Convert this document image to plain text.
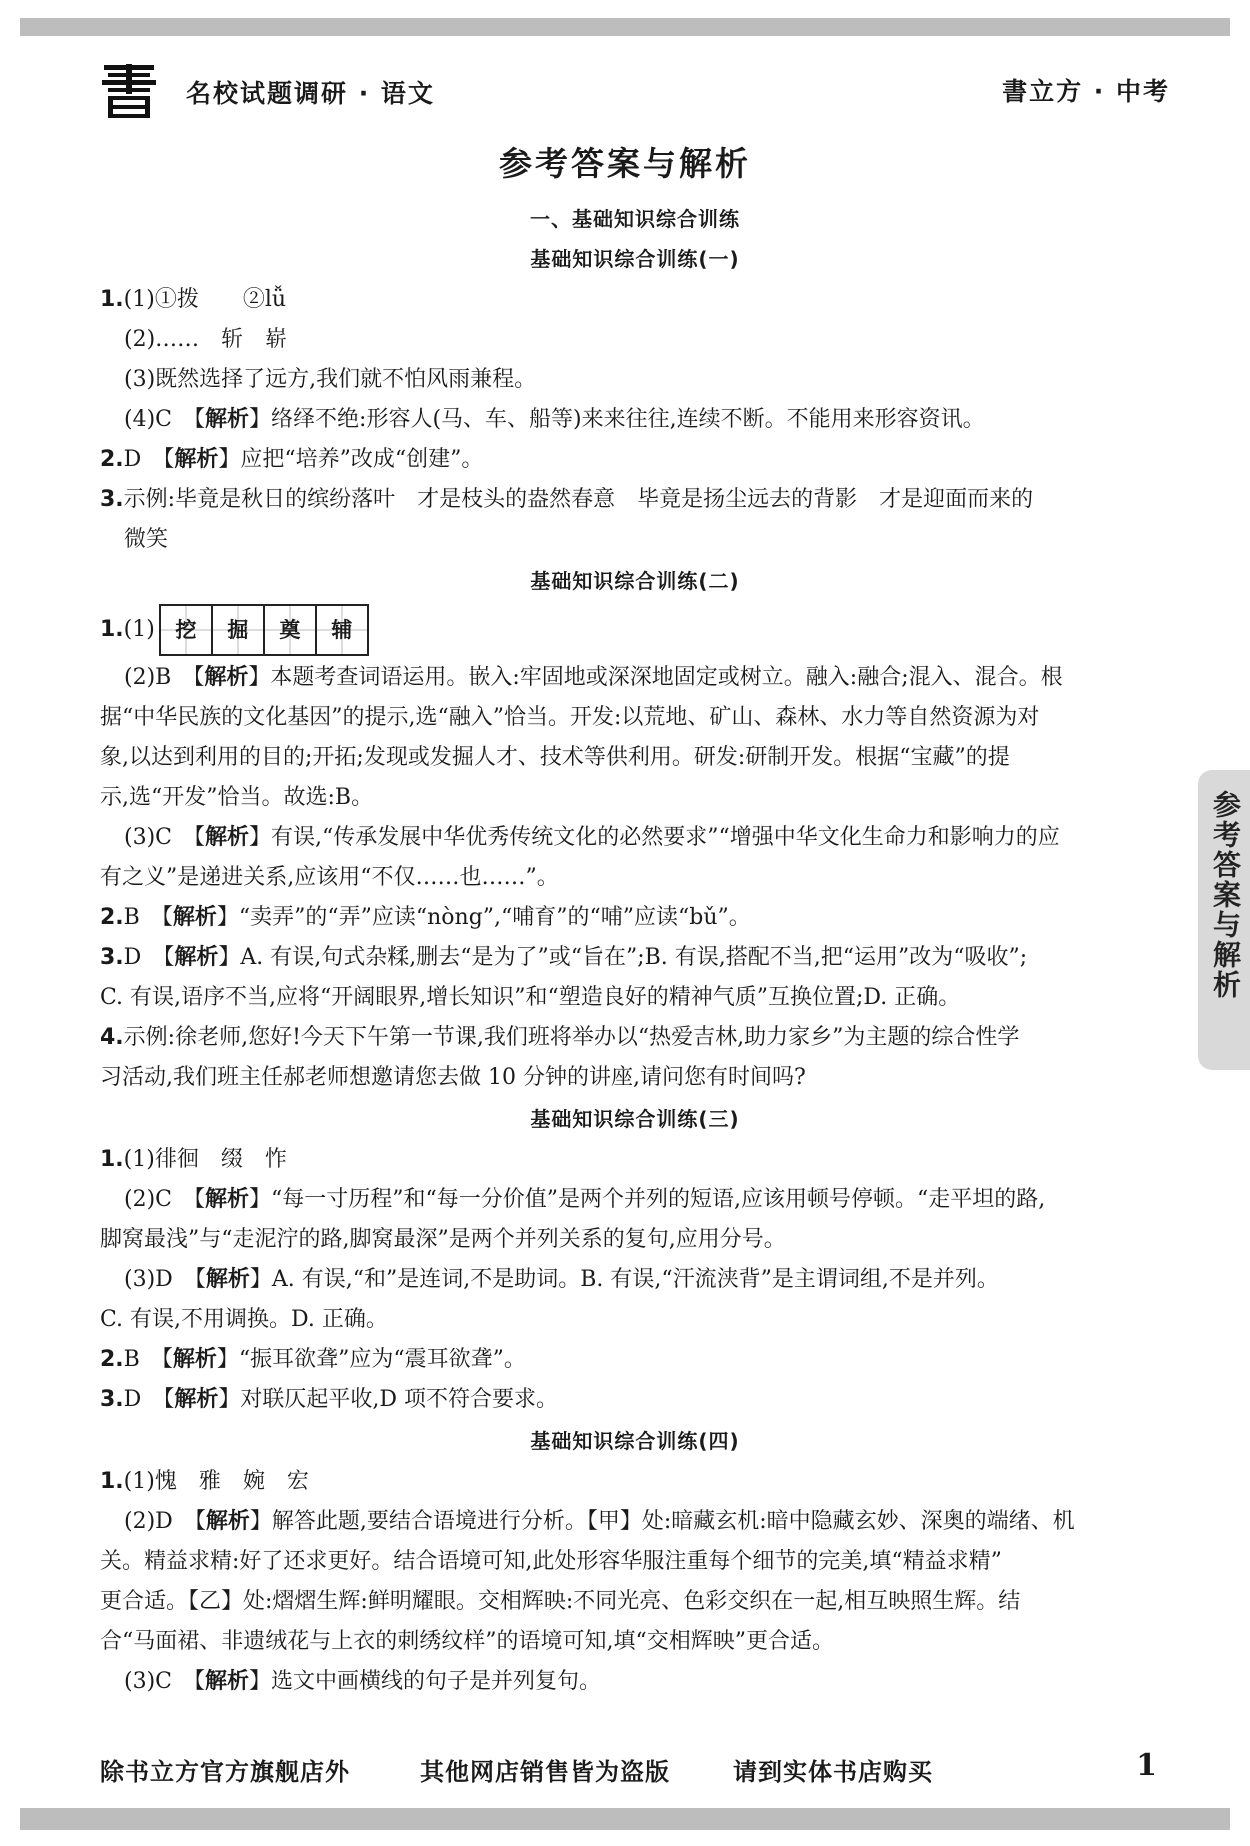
名校试题调研 · 语文	書立方 · 中考
参考答案与解析
一、基础知识综合训练
基础知识综合训练(一)
1.(1)①拨　　②lǚ
(2)……　斩　崭
(3)既然选择了远方,我们就不怕风雨兼程。
(4)C　【解析】络绎不绝:形容人(马、车、船等)来来往往,连续不断。不能用来形容资讯。
2.D　【解析】应把“培养”改成“创建”。
3.示例:毕竟是秋日的缤纷落叶　才是枝头的盎然春意　毕竟是扬尘远去的背影　才是迎面而来的
微笑
基础知识综合训练(二)
1. (1) 挖	掘	奠	辅
(2)B　【解析】本题考查词语运用。嵌入:牢固地或深深地固定或树立。融入:融合;混入、混合。根
据“中华民族的文化基因”的提示,选“融入”恰当。开发:以荒地、矿山、森林、水力等自然资源为对
象,以达到利用的目的;开拓;发现或发掘人才、技术等供利用。研发:研制开发。根据“宝藏”的提
示,选“开发”恰当。故选:B。
(3)C　【解析】有误,“传承发展中华优秀传统文化的必然要求”“增强中华文化生命力和影响力的应
有之义”是递进关系,应该用“不仅……也……”。
2.B　【解析】“卖弄”的“弄”应读“nòng”,“哺育”的“哺”应读“bǔ”。
3.D　【解析】A. 有误,句式杂糅,删去“是为了”或“旨在”;B. 有误,搭配不当,把“运用”改为“吸收”;
C. 有误,语序不当,应将“开阔眼界,增长知识”和“塑造良好的精神气质”互换位置;D. 正确。
4.示例:徐老师,您好!今天下午第一节课,我们班将举办以“热爱吉林,助力家乡”为主题的综合性学
习活动,我们班主任郝老师想邀请您去做 10 分钟的讲座,请问您有时间吗?
基础知识综合训练(三)
1.(1)徘徊　缀　怍
(2)C　【解析】“每一寸历程”和“每一分价值”是两个并列的短语,应该用顿号停顿。“走平坦的路,
脚窝最浅”与“走泥泞的路,脚窝最深”是两个并列关系的复句,应用分号。
(3)D　【解析】A. 有误,“和”是连词,不是助词。B. 有误,“汗流浃背”是主谓词组,不是并列。
C. 有误,不用调换。D. 正确。
2.B　【解析】“振耳欲聋”应为“震耳欲聋”。
3.D　【解析】对联仄起平收,D 项不符合要求。
基础知识综合训练(四)
1.(1)愧　雅　婉　宏
(2)D　【解析】解答此题,要结合语境进行分析。【甲】处:暗藏玄机:暗中隐藏玄妙、深奥的端绪、机
关。精益求精:好了还求更好。结合语境可知,此处形容华服注重每个细节的完美,填“精益求精”
更合适。【乙】处:熠熠生辉:鲜明耀眼。交相辉映:不同光亮、色彩交织在一起,相互映照生辉。结
合“马面裙、非遗绒花与上衣的刺绣纹样”的语境可知,填“交相辉映”更合适。
(3)C　【解析】选文中画横线的句子是并列复句。
参考答案与解析
除书立方官方旗舰店外	其他网店销售皆为盗版	请到实体书店购买	1
